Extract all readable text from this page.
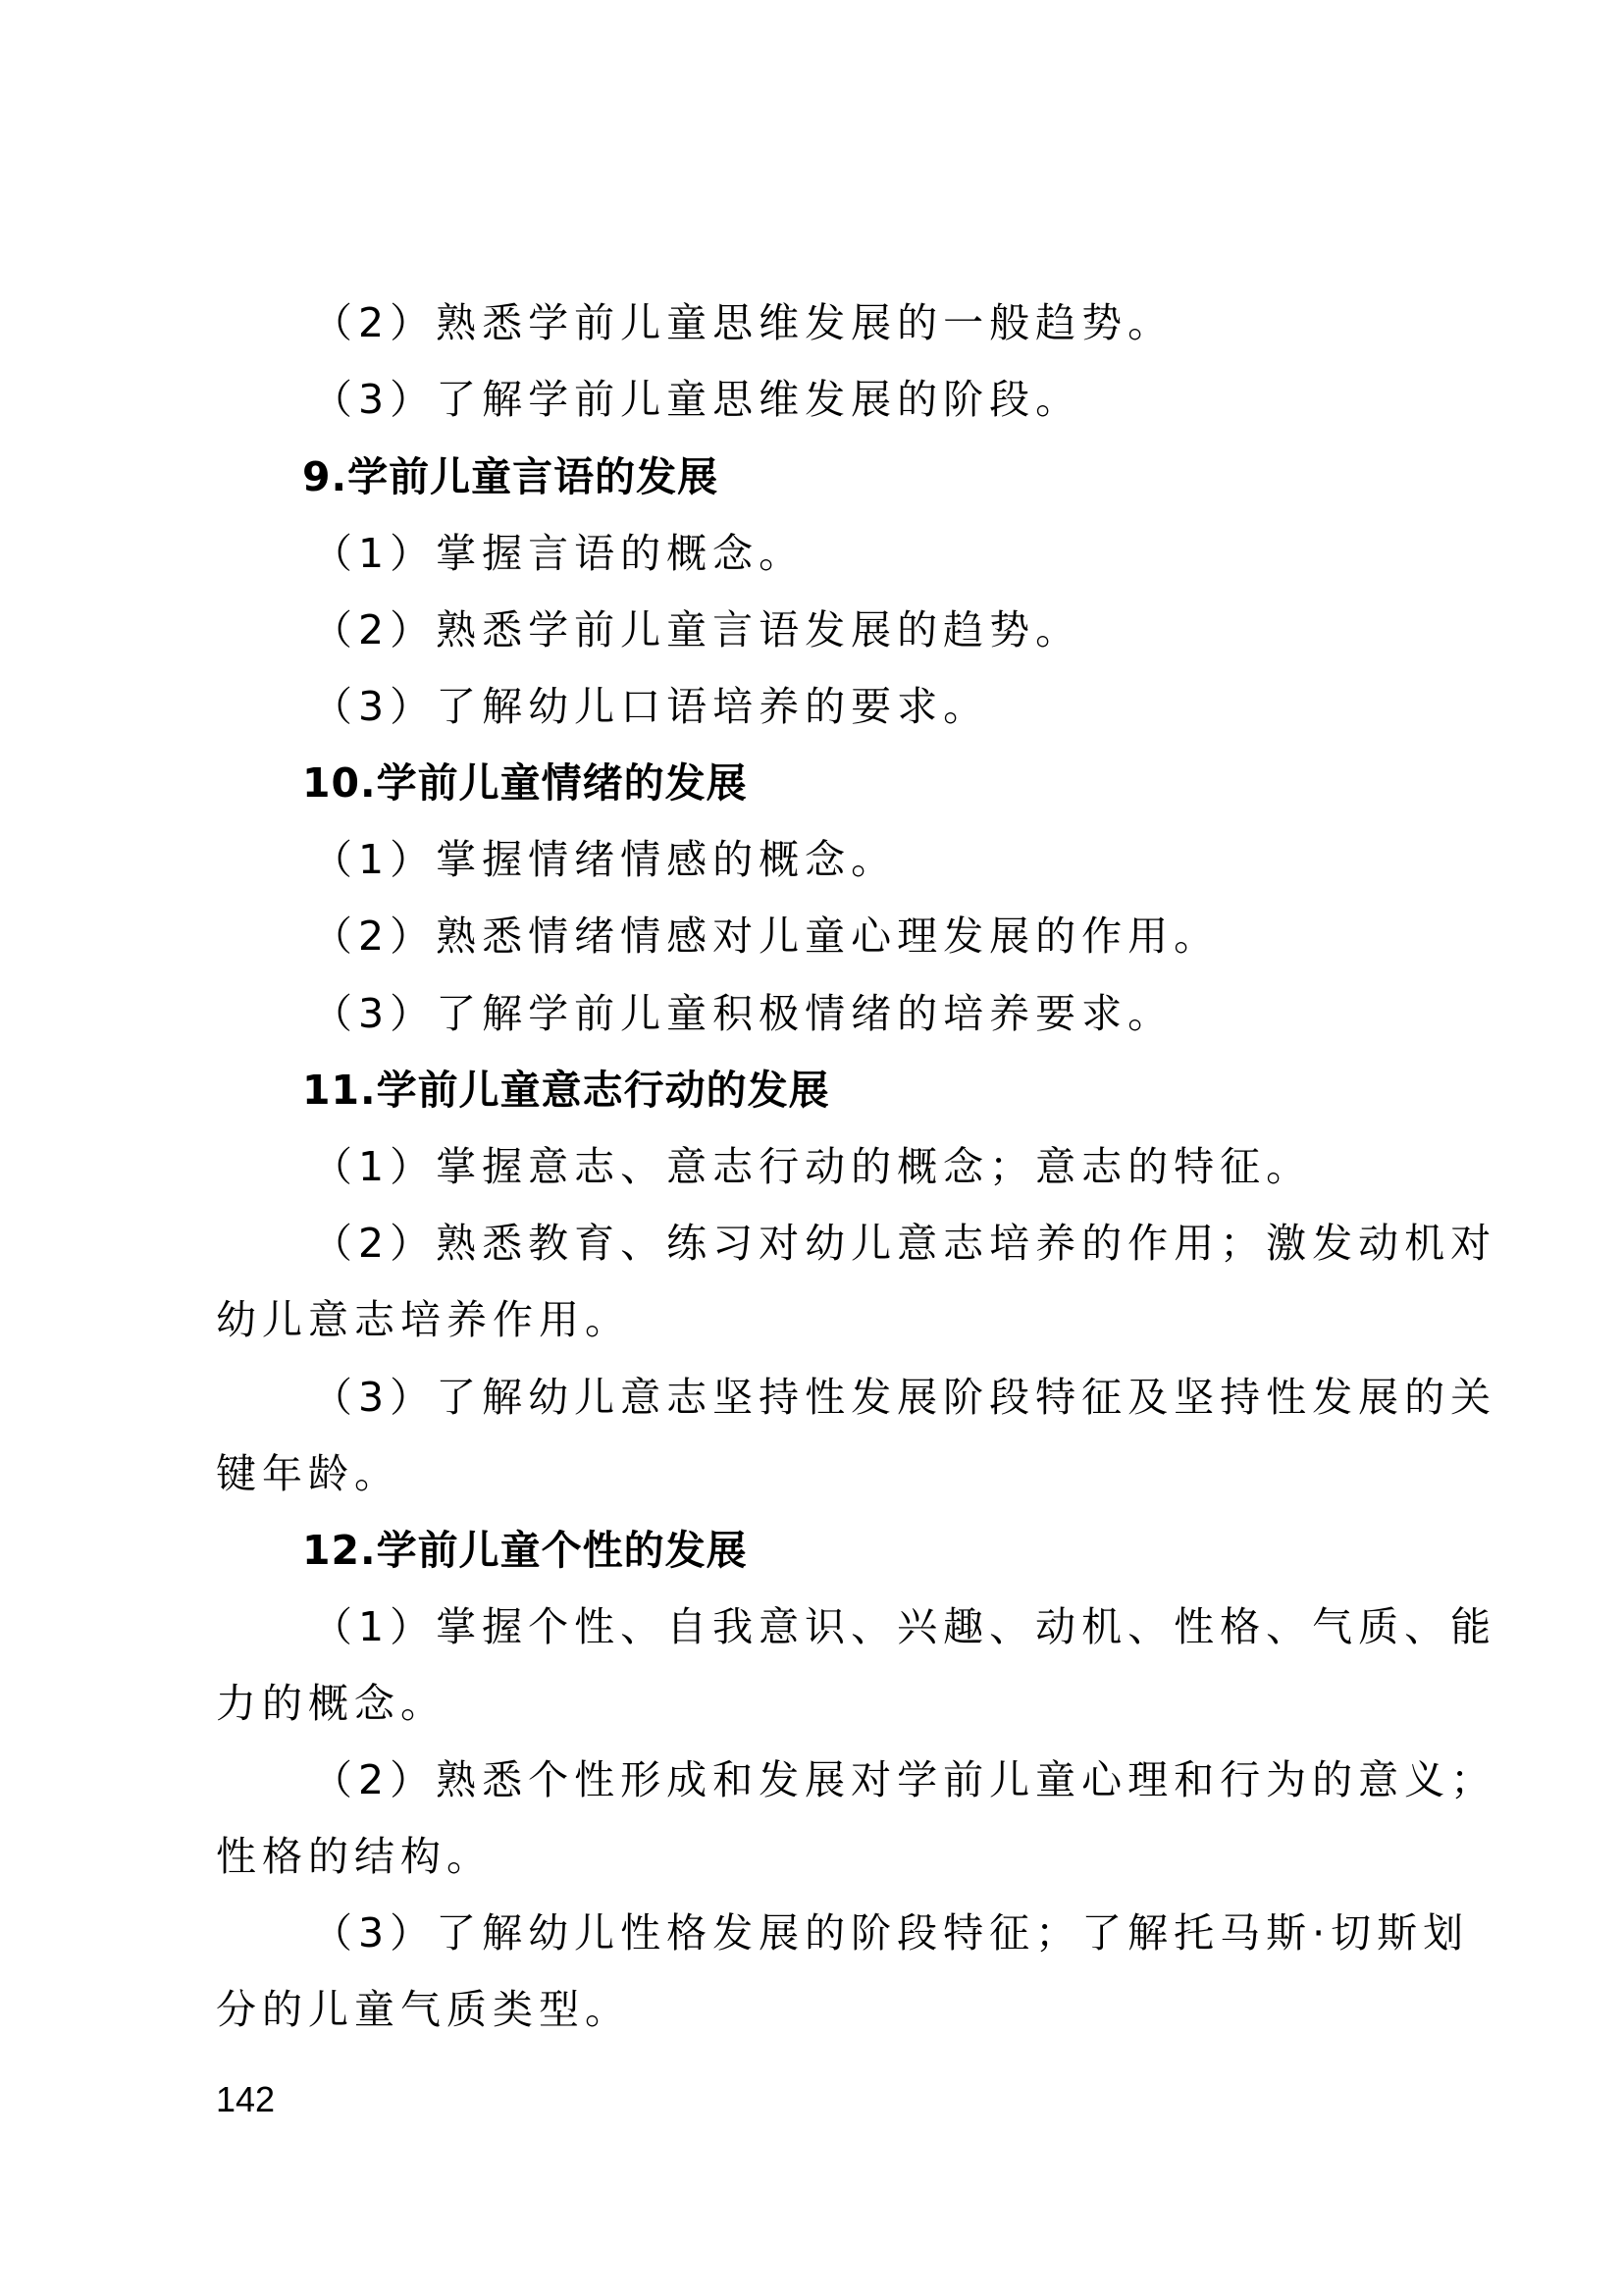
（2）熟悉学前儿童思维发展的一般趋势。
（3）了解学前儿童思维发展的阶段。
9.学前儿童言语的发展
（1）掌握言语的概念。
（2）熟悉学前儿童言语发展的趋势。
（3）了解幼儿口语培养的要求。
10.学前儿童情绪的发展
（1）掌握情绪情感的概念。
（2）熟悉情绪情感对儿童心理发展的作用。
（3）了解学前儿童积极情绪的培养要求。
11.学前儿童意志行动的发展
（1）掌握意志、意志行动的概念；意志的特征。
（2）熟悉教育、练习对幼儿意志培养的作用；激发动机对
幼儿意志培养作用。
（3）了解幼儿意志坚持性发展阶段特征及坚持性发展的关
键年龄。
12.学前儿童个性的发展
（1）掌握个性、自我意识、兴趣、动机、性格、气质、能
力的概念。
（2）熟悉个性形成和发展对学前儿童心理和行为的意义；
性格的结构。
（3）了解幼儿性格发展的阶段特征；了解托马斯·切斯划
分的儿童气质类型。
142
